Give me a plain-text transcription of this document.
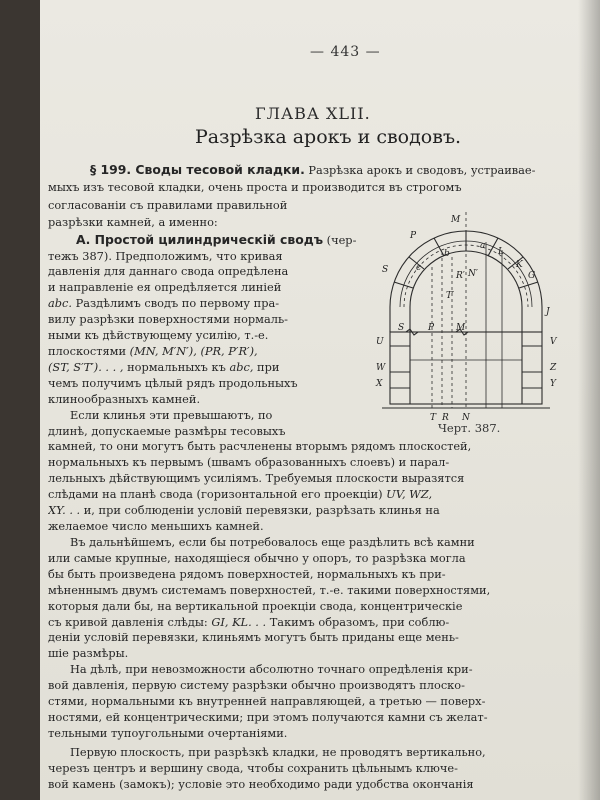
— 443 —
ГЛАВА XLII.
Разрѣзка арокъ и сводовъ.
§ 199. Своды тесовой кладки. Разрѣзка арокъ и сводовъ, устраивае-
мыхъ изъ тесовой кладки, очень проста и производится въ строгомъ
согласованіи съ правилами правильной
разрѣзки камней, а именно:
А. Простой цилиндрическій сводъ (чер-
тежъ 387). Предположимъ, что кривая
давленія для даннаго свода опредѣлена
и направленіе ея опредѣляется линіей
abc. Раздѣлимъ сводъ по первому пра-
вилу разрѣзки поверхностями нормаль-
ными къ дѣйствующему усилію, т.-е.
плоскостями (MN, M′N′), (PR, P′R′),
(ST, S′T′). . . , нормальныхъ къ abc, при
чемъ получимъ цѣлый рядъ продольныхъ
клинообразныхъ камней.
Если клинья эти превышаютъ, по
длинѣ, допускаемые размѣры тесовыхъ
камней, то они могутъ быть расчленены вторымъ рядомъ плоскостей,
нормальныхъ къ первымъ (швамъ образованныхъ слоевъ) и парал-
лельныхъ дѣйствующимъ усиліямъ. Требуемыя плоскости выразятся
слѣдами на планѣ свода (горизонтальной его проекціи) UV, WZ,
XY. . . и, при соблюденіи условій перевязки, разрѣзать клинья на
желаемое число меньшихъ камней.
Въ дальнѣйшемъ, если бы потребовалось еще раздѣлить всѣ камни
или самые крупные, находящіеся обычно у опоръ, то разрѣзка могла
бы быть произведена рядомъ поверхностей, нормальныхъ къ при-
мѣненнымъ двумъ системамъ поверхностей, т.-е. такими поверхностями,
которыя дали бы, на вертикальной проекціи свода, концентрическіе
съ кривой давленія слѣды: GI, KL. . . Такимъ образомъ, при соблю-
деніи условій перевязки, клиньямъ могутъ быть приданы еще мень-
шіе размѣры.
M
P
a
b
S	c
R′ N′
T′
L
K
G
J
U	V
W	Z
X	Y
S	P M
T R N
Черт. 387.
На дѣлѣ, при невозможности абсолютно точнаго опредѣленія кри-
вой давленія, первую систему разрѣзки обычно производятъ плоско-
стями, нормальными къ внутренней направляющей, а третью — поверх-
ностями, ей концентрическими; при этомъ получаются камни съ желат-
тельными тупоугольными очертаніями.
Первую плоскость, при разрѣзкѣ кладки, не проводятъ вертикально,
черезъ центръ и вершину свода, чтобы сохранить цѣльнымъ ключе-
вой камень (замокъ); условіе это необходимо ради удобства окончанія
